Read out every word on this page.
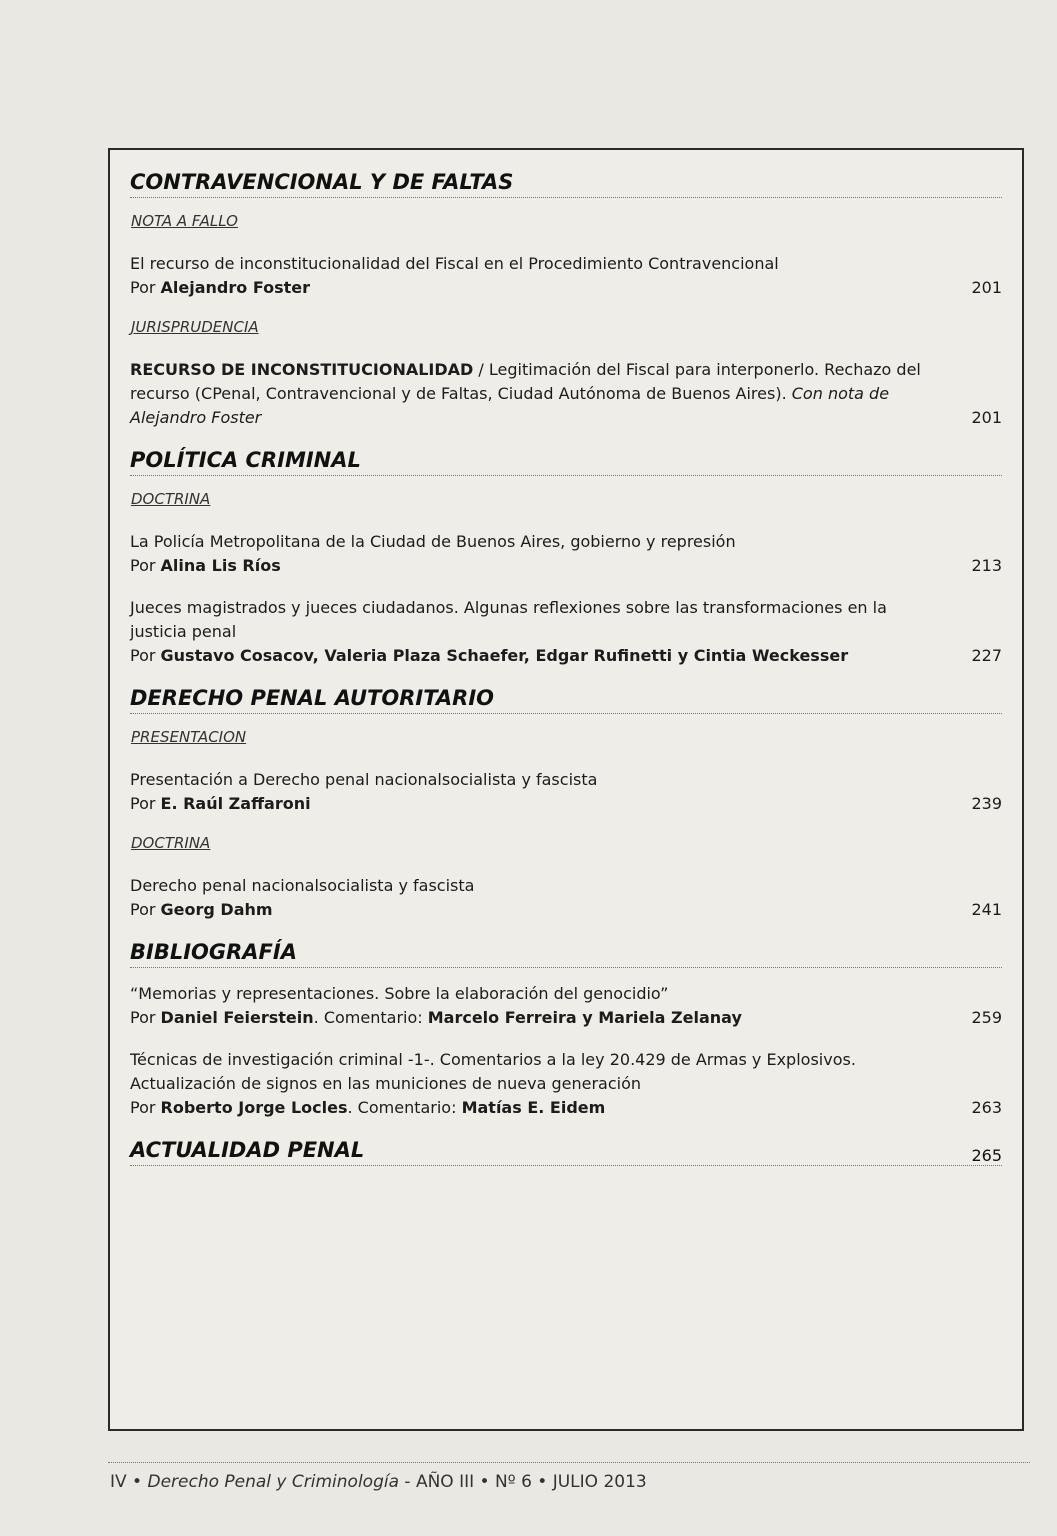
CONTRAVENCIONAL Y DE FALTAS
NOTA A FALLO
El recurso de inconstitucionalidad del Fiscal en el Procedimiento Contravencional
Por Alejandro Foster	201
JURISPRUDENCIA
RECURSO DE INCONSTITUCIONALIDAD / Legitimación del Fiscal para interponerlo. Rechazo del recurso (CPenal, Contravencional y de Faltas, Ciudad Autónoma de Buenos Aires). Con nota de Alejandro Foster	201
POLÍTICA CRIMINAL
DOCTRINA
La Policía Metropolitana de la Ciudad de Buenos Aires, gobierno y represión
Por Alina Lis Ríos	213
Jueces magistrados y jueces ciudadanos. Algunas reflexiones sobre las transformaciones en la justicia penal
Por Gustavo Cosacov, Valeria Plaza Schaefer, Edgar Rufinetti y Cintia Weckesser	227
DERECHO PENAL AUTORITARIO
PRESENTACION
Presentación a Derecho penal nacionalsocialista y fascista
Por E. Raúl Zaffaroni	239
DOCTRINA
Derecho penal nacionalsocialista y fascista
Por Georg Dahm	241
BIBLIOGRAFÍA
“Memorias y representaciones. Sobre la elaboración del genocidio”
Por Daniel Feierstein. Comentario: Marcelo Ferreira y Mariela Zelanay	259
Técnicas de investigación criminal -1-. Comentarios a la ley 20.429 de Armas y Explosivos. Actualización de signos en las municiones de nueva generación
Por Roberto Jorge Locles. Comentario: Matías E. Eidem	263
ACTUALIDAD PENAL	265
IV • Derecho Penal y Criminología - AÑO III • Nº 6 • JULIO 2013
